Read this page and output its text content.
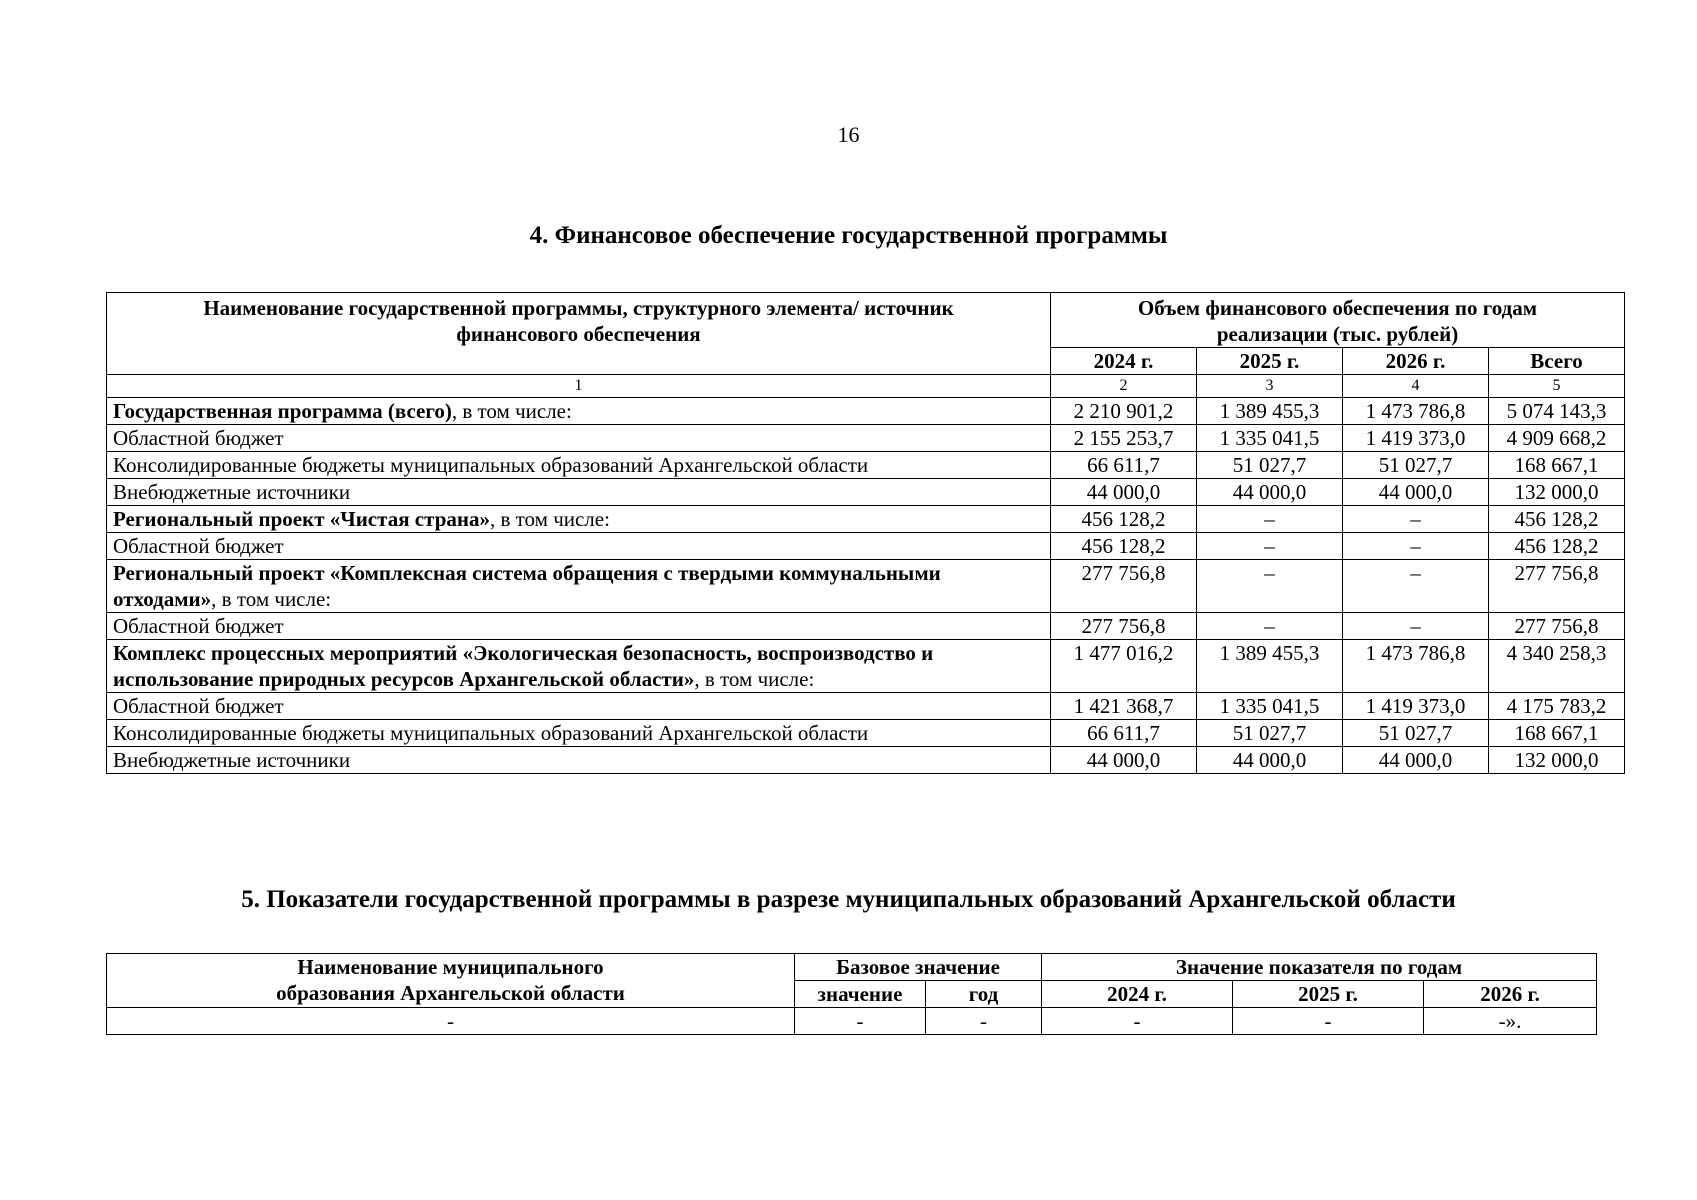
16
4. Финансовое обеспечение государственной программы
Наименование государственной программы, структурного элемента/ источник финансового обеспечения	Объем финансового обеспечения по годам реализации (тыс. рублей)			
	2024 г.	2025 г.	2026 г.	Всего
1	2	3	4	5
Государственная программа (всего), в том числе:	2 210 901,2	1 389 455,3	1 473 786,8	5 074 143,3
Областной бюджет	2 155 253,7	1 335 041,5	1 419 373,0	4 909 668,2
Консолидированные бюджеты муниципальных образований Архангельской области	66 611,7	51 027,7	51 027,7	168 667,1
Внебюджетные источники	44 000,0	44 000,0	44 000,0	132 000,0
Региональный проект «Чистая страна», в том числе:	456 128,2	–	–	456 128,2
Областной бюджет	456 128,2	–	–	456 128,2
Региональный проект «Комплексная система обращения с твердыми коммунальными отходами», в том числе:	277 756,8	–	–	277 756,8
Областной бюджет	277 756,8	–	–	277 756,8
Комплекс процессных мероприятий «Экологическая безопасность, воспроизводство и использование природных ресурсов Архангельской области», в том числе:	1 477 016,2	1 389 455,3	1 473 786,8	4 340 258,3
Областной бюджет	1 421 368,7	1 335 041,5	1 419 373,0	4 175 783,2
Консолидированные бюджеты муниципальных образований Архангельской области	66 611,7	51 027,7	51 027,7	168 667,1
Внебюджетные источники	44 000,0	44 000,0	44 000,0	132 000,0
5. Показатели государственной программы в разрезе муниципальных образований Архангельской области
Наименование муниципального образования Архангельской области	Базовое значение		Значение показателя по годам		
	значение	год	2024 г.	2025 г.	2026 г.
-	-	-	-	-	-».
